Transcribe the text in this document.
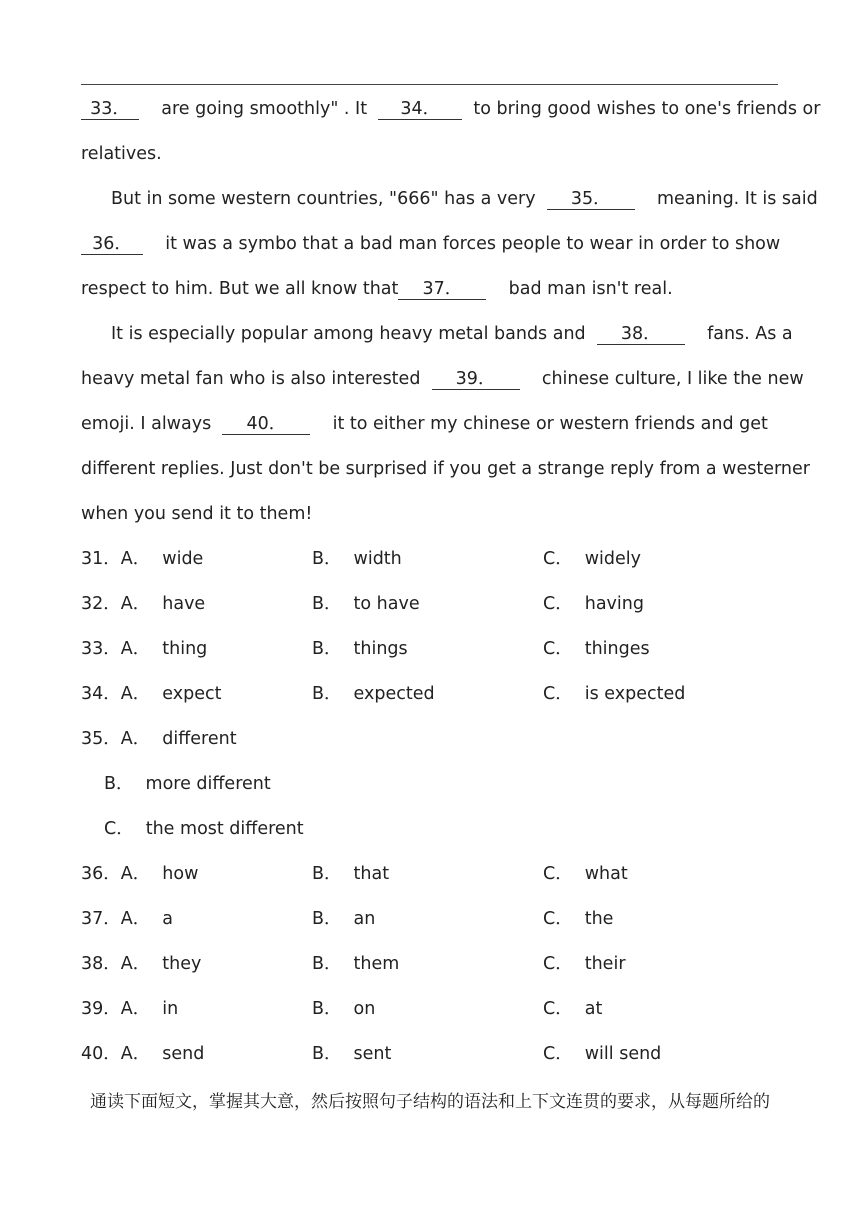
33． are going smoothly" . It 34． to bring good wishes to one's friends or
relatives.
But in some western countries, "666" has a very 35．	meaning. It is said
36． it was a symbo that a bad man forces people to wear in order to show
respect to him. But we all know that 37．	bad man isn't real.
It is especially popular among heavy metal bands and 38．	fans. As a
heavy metal fan who is also interested 39．	chinese culture, I like the new
emoji. I always 40．	it to either my chinese or western friends and get
different replies. Just don't be surprised if you get a strange reply from a westerner
when you send it to them!
31．A． wide	B． width	C． widely
32．A． have	B． to have	C． having
33．A． thing	B． things	C． thinges
34．A． expect	B． expected	C． is expected
35．A． different
B． more different
C． the most different
36．A． how	B． that	C． what
37．A． a	B． an	C． the
38．A． they	B． them	C． their
39．A． in	B． on	C． at
40．A． send	B． sent	C． will send
通读下面短文，掌握其大意，然后按照句子结构的语法和上下文连贯的要求，从每题所给的
